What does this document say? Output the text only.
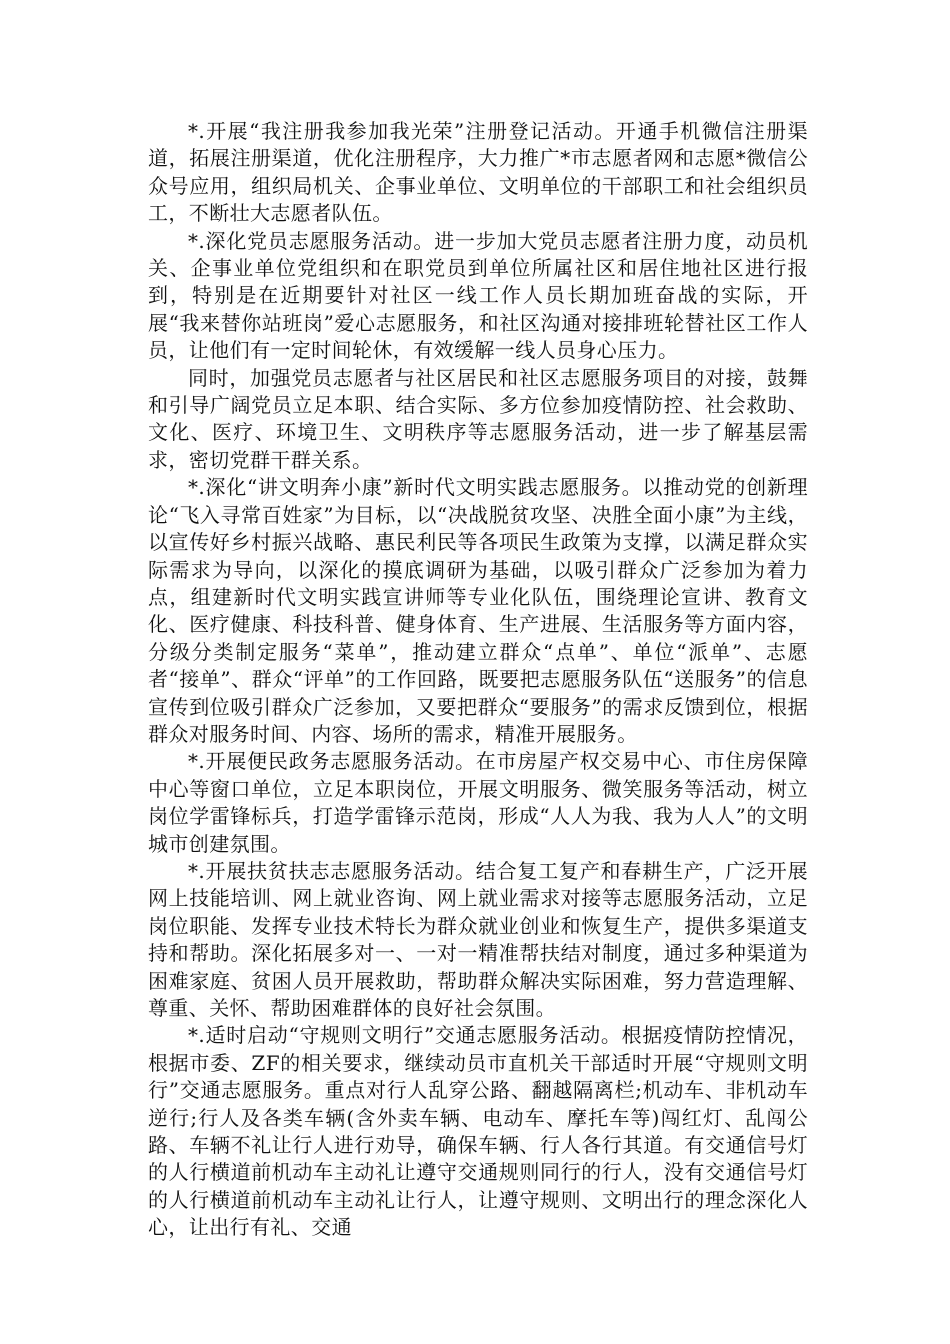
*.开展“我注册我参加我光荣”注册登记活动。开通手机微信注册渠道，拓展注册渠道，优化注册程序，大力推广*市志愿者网和志愿*微信公众号应用，组织局机关、企事业单位、文明单位的干部职工和社会组织员工，不断壮大志愿者队伍。

*.深化党员志愿服务活动。进一步加大党员志愿者注册力度，动员机关、企事业单位党组织和在职党员到单位所属社区和居住地社区进行报到，特别是在近期要针对社区一线工作人员长期加班奋战的实际，开展“我来替你站班岗”爱心志愿服务，和社区沟通对接排班轮替社区工作人员，让他们有一定时间轮休，有效缓解一线人员身心压力。

同时，加强党员志愿者与社区居民和社区志愿服务项目的对接，鼓舞和引导广阔党员立足本职、结合实际、多方位参加疫情防控、社会救助、文化、医疗、环境卫生、文明秩序等志愿服务活动，进一步了解基层需求，密切党群干群关系。

*.深化“讲文明奔小康”新时代文明实践志愿服务。以推动党的创新理论“飞入寻常百姓家”为目标，以“决战脱贫攻坚、决胜全面小康”为主线，以宣传好乡村振兴战略、惠民利民等各项民生政策为支撑，以满足群众实际需求为导向，以深化的摸底调研为基础，以吸引群众广泛参加为着力点，组建新时代文明实践宣讲师等专业化队伍，围绕理论宣讲、教育文化、医疗健康、科技科普、健身体育、生产进展、生活服务等方面内容，分级分类制定服务“菜单”，推动建立群众“点单”、单位“派单”、志愿者“接单”、群众“评单”的工作回路，既要把志愿服务队伍“送服务”的信息宣传到位吸引群众广泛参加，又要把群众“要服务”的需求反馈到位，根据群众对服务时间、内容、场所的需求，精准开展服务。

*.开展便民政务志愿服务活动。在市房屋产权交易中心、市住房保障中心等窗口单位，立足本职岗位，开展文明服务、微笑服务等活动，树立岗位学雷锋标兵，打造学雷锋示范岗，形成“人人为我、我为人人”的文明城市创建氛围。

*.开展扶贫扶志志愿服务活动。结合复工复产和春耕生产，广泛开展网上技能培训、网上就业咨询、网上就业需求对接等志愿服务活动，立足岗位职能、发挥专业技术特长为群众就业创业和恢复生产，提供多渠道支持和帮助。深化拓展多对一、一对一精准帮扶结对制度，通过多种渠道为困难家庭、贫困人员开展救助，帮助群众解决实际困难，努力营造理解、尊重、关怀、帮助困难群体的良好社会氛围。

*.适时启动“守规则文明行”交通志愿服务活动。根据疫情防控情况，根据市委、ZF的相关要求，继续动员市直机关干部适时开展“守规则文明行”交通志愿服务。重点对行人乱穿公路、翻越隔离栏;机动车、非机动车逆行;行人及各类车辆(含外卖车辆、电动车、摩托车等)闯红灯、乱闯公路、车辆不礼让行人进行劝导，确保车辆、行人各行其道。有交通信号灯的人行横道前机动车主动礼让遵守交通规则同行的行人，没有交通信号灯的人行横道前机动车主动礼让行人，让遵守规则、文明出行的理念深化人心，让出行有礼、交通
